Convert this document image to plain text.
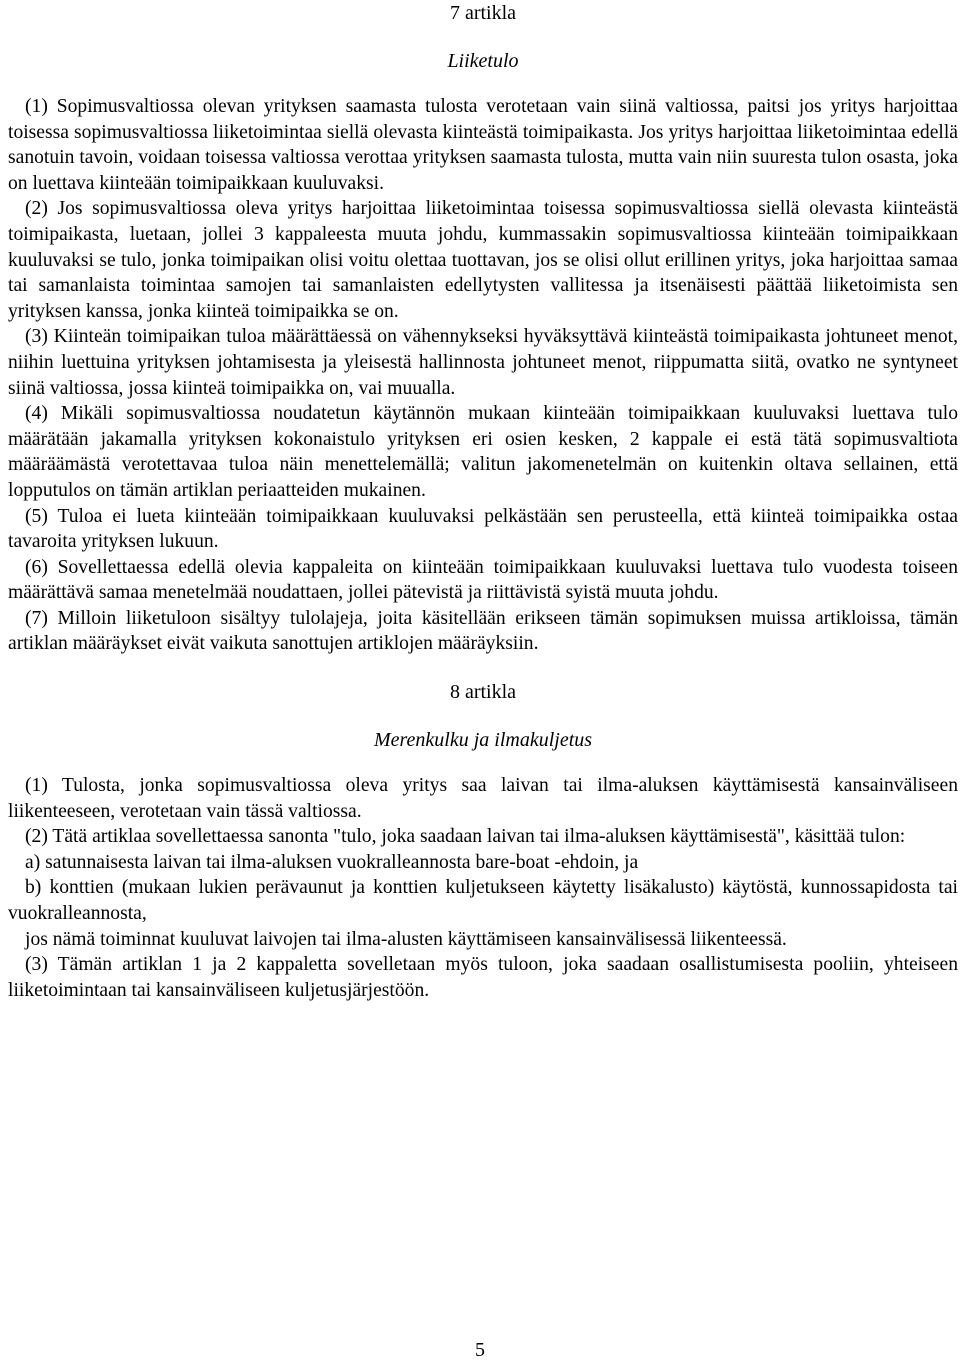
7 artikla
Liiketulo

(1) Sopimusvaltiossa olevan yrityksen saamasta tulosta verotetaan vain siinä valtiossa, paitsi jos yritys harjoittaa toisessa sopimusvaltiossa liiketoimintaa siellä olevasta kiinteästä toimipaikasta. Jos yritys harjoittaa liiketoimintaa edellä sanotuin tavoin, voidaan toisessa valtiossa verottaa yrityksen saamasta tulosta, mutta vain niin suuresta tulon osasta, joka on luettava kiinteään toimipaikkaan kuuluvaksi.

(2) Jos sopimusvaltiossa oleva yritys harjoittaa liiketoimintaa toisessa sopimusvaltiossa siellä olevasta kiinteästä toimipaikasta, luetaan, jollei 3 kappaleesta muuta johdu, kummassakin sopimusvaltiossa kiinteään toimipaikkaan kuuluvaksi se tulo, jonka toimipaikan olisi voitu olettaa tuottavan, jos se olisi ollut erillinen yritys, joka harjoittaa samaa tai samanlaista toimintaa samojen tai samanlaisten edellytysten vallitessa ja itsenäisesti päättää liiketoimista sen yrityksen kanssa, jonka kiinteä toimipaikka se on.

(3) Kiinteän toimipaikan tuloa määrättäessä on vähennykseksi hyväksyttävä kiinteästä toimipaikasta johtuneet menot, niihin luettuina yrityksen johtamisesta ja yleisestä hallinnosta johtuneet menot, riippumatta siitä, ovatko ne syntyneet siinä valtiossa, jossa kiinteä toimipaikka on, vai muualla.

(4) Mikäli sopimusvaltiossa noudatetun käytännön mukaan kiinteään toimipaikkaan kuuluvaksi luettava tulo määrätään jakamalla yrityksen kokonaistulo yrityksen eri osien kesken, 2 kappale ei estä tätä sopimusvaltiota määräämästä verotettavaa tuloa näin menettelemällä; valitun jakomenetelmän on kuitenkin oltava sellainen, että lopputulos on tämän artiklan periaatteiden mukainen.

(5) Tuloa ei lueta kiinteään toimipaikkaan kuuluvaksi pelkästään sen perusteella, että kiinteä toimipaikka ostaa tavaroita yrityksen lukuun.

(6) Sovellettaessa edellä olevia kappaleita on kiinteään toimipaikkaan kuuluvaksi luettava tulo vuodesta toiseen määrättävä samaa menetelmää noudattaen, jollei pätevistä ja riittävistä syistä muuta johdu.

(7) Milloin liiketuloon sisältyy tulolajeja, joita käsitellään erikseen tämän sopimuksen muissa artikloissa, tämän artiklan määräykset eivät vaikuta sanottujen artiklojen määräyksiin.

8 artikla
Merenkulku ja ilmakuljetus

(1) Tulosta, jonka sopimusvaltiossa oleva yritys saa laivan tai ilma-aluksen käyttämisestä kansainväliseen liikenteeseen, verotetaan vain tässä valtiossa.

(2) Tätä artiklaa sovellettaessa sanonta "tulo, joka saadaan laivan tai ilma-aluksen käyttämisestä", käsittää tulon:

a) satunnaisesta laivan tai ilma-aluksen vuokralleannosta bare-boat -ehdoin, ja

b) konttien (mukaan lukien perävaunut ja konttien kuljetukseen käytetty lisäkalusto) käytöstä, kunnossapidosta tai vuokralleannosta,

jos nämä toiminnat kuuluvat laivojen tai ilma-alusten käyttämiseen kansainvälisessä liikenteessä.

(3) Tämän artiklan 1 ja 2 kappaletta sovelletaan myös tuloon, joka saadaan osallistumisesta pooliin, yhteiseen liiketoimintaan tai kansainväliseen kuljetusjärjestöön.

5
